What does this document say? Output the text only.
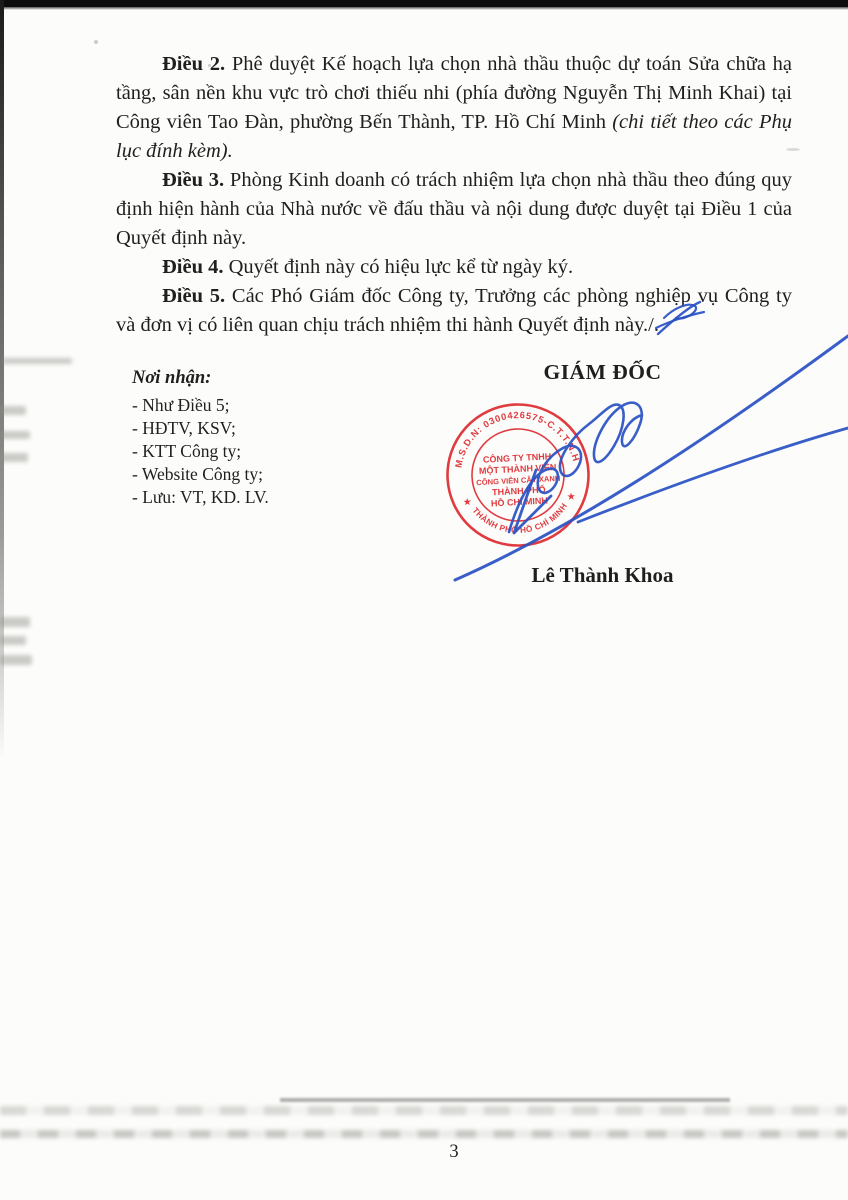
Điều 2. Phê duyệt Kế hoạch lựa chọn nhà thầu thuộc dự toán Sửa chữa hạ tầng, sân nền khu vực trò chơi thiếu nhi (phía đường Nguyễn Thị Minh Khai) tại Công viên Tao Đàn, phường Bến Thành, TP. Hồ Chí Minh (chi tiết theo các Phụ lục đính kèm).

Điều 3. Phòng Kinh doanh có trách nhiệm lựa chọn nhà thầu theo đúng quy định hiện hành của Nhà nước về đấu thầu và nội dung được duyệt tại Điều 1 của Quyết định này.

Điều 4. Quyết định này có hiệu lực kể từ ngày ký.

Điều 5. Các Phó Giám đốc Công ty, Trưởng các phòng nghiệp vụ Công ty và đơn vị có liên quan chịu trách nhiệm thi hành Quyết định này./.

Nơi nhận:
- Như Điều 5;
- HĐTV, KSV;
- KTT Công ty;
- Website Công ty;
- Lưu: VT, KD. LV.
GIÁM ĐỐC
Lê Thành Khoa
M.S.D.N: 0300426575-C.T.T.N.H
THÀNH PHỐ HỒ CHÍ MINH
★	★
CÔNG TY TNHH
MỘT THÀNH VIÊN
CÔNG VIÊN CÂY XANH
THÀNH PHỐ
HỒ CHÍ MINH
3
